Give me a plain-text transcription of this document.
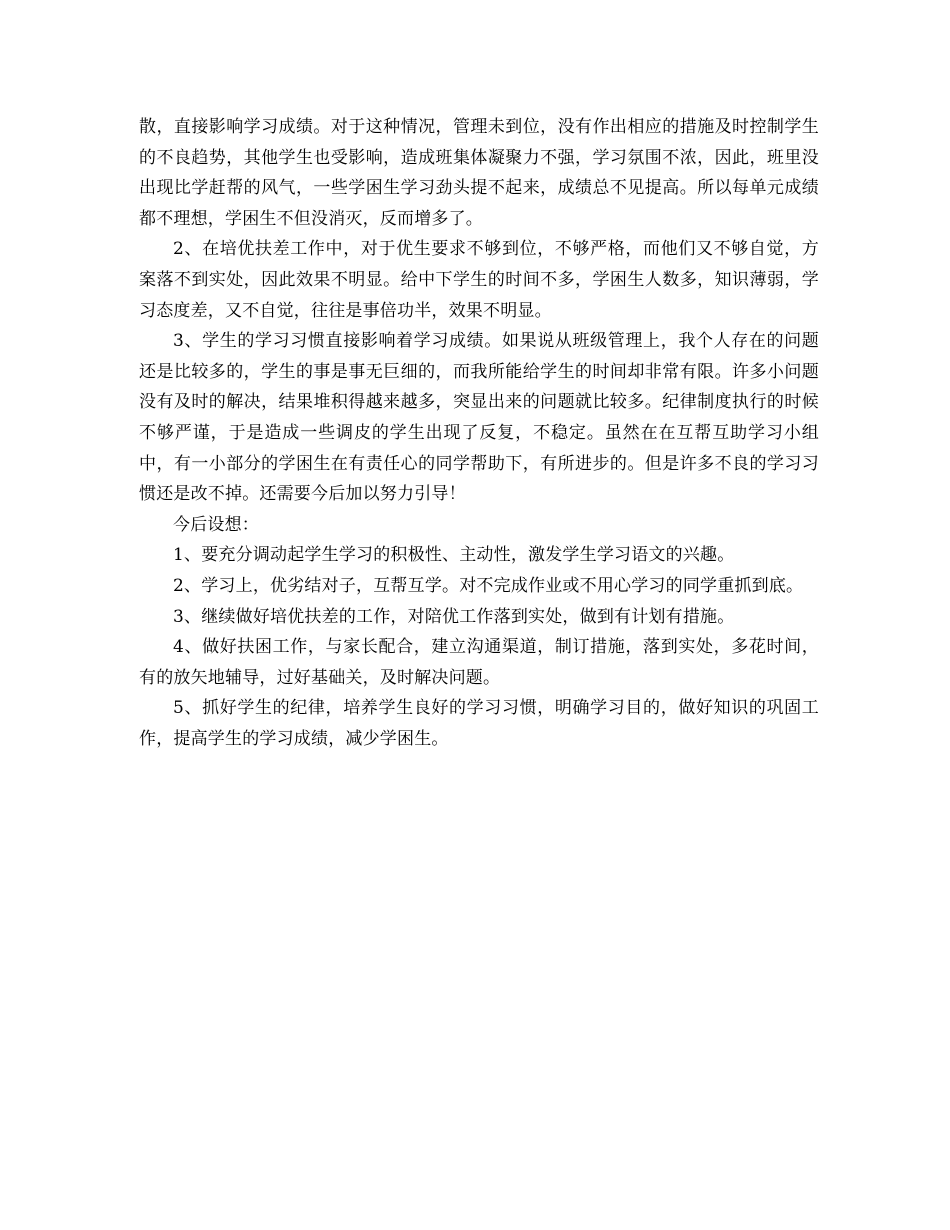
散，直接影响学习成绩。对于这种情况，管理未到位，没有作出相应的措施及时控制学生的不良趋势，其他学生也受影响，造成班集体凝聚力不强，学习氛围不浓，因此，班里没出现比学赶帮的风气，一些学困生学习劲头提不起来，成绩总不见提高。所以每单元成绩都不理想，学困生不但没消灭，反而增多了。

2、在培优扶差工作中，对于优生要求不够到位，不够严格，而他们又不够自觉，方案落不到实处，因此效果不明显。给中下学生的时间不多，学困生人数多，知识薄弱，学习态度差，又不自觉，往往是事倍功半，效果不明显。

3、学生的学习习惯直接影响着学习成绩。如果说从班级管理上，我个人存在的问题还是比较多的，学生的事是事无巨细的，而我所能给学生的时间却非常有限。许多小问题没有及时的解决，结果堆积得越来越多，突显出来的问题就比较多。纪律制度执行的时候不够严谨，于是造成一些调皮的学生出现了反复，不稳定。虽然在在互帮互助学习小组中，有一小部分的学困生在有责任心的同学帮助下，有所进步的。但是许多不良的学习习惯还是改不掉。还需要今后加以努力引导！

今后设想：

1、要充分调动起学生学习的积极性、主动性，激发学生学习语文的兴趣。

2、学习上，优劣结对子，互帮互学。对不完成作业或不用心学习的同学重抓到底。

3、继续做好培优扶差的工作，对陪优工作落到实处，做到有计划有措施。

4、做好扶困工作，与家长配合，建立沟通渠道，制订措施，落到实处，多花时间，有的放矢地辅导，过好基础关，及时解决问题。

5、抓好学生的纪律，培养学生良好的学习习惯，明确学习目的，做好知识的巩固工作，提高学生的学习成绩，减少学困生。
